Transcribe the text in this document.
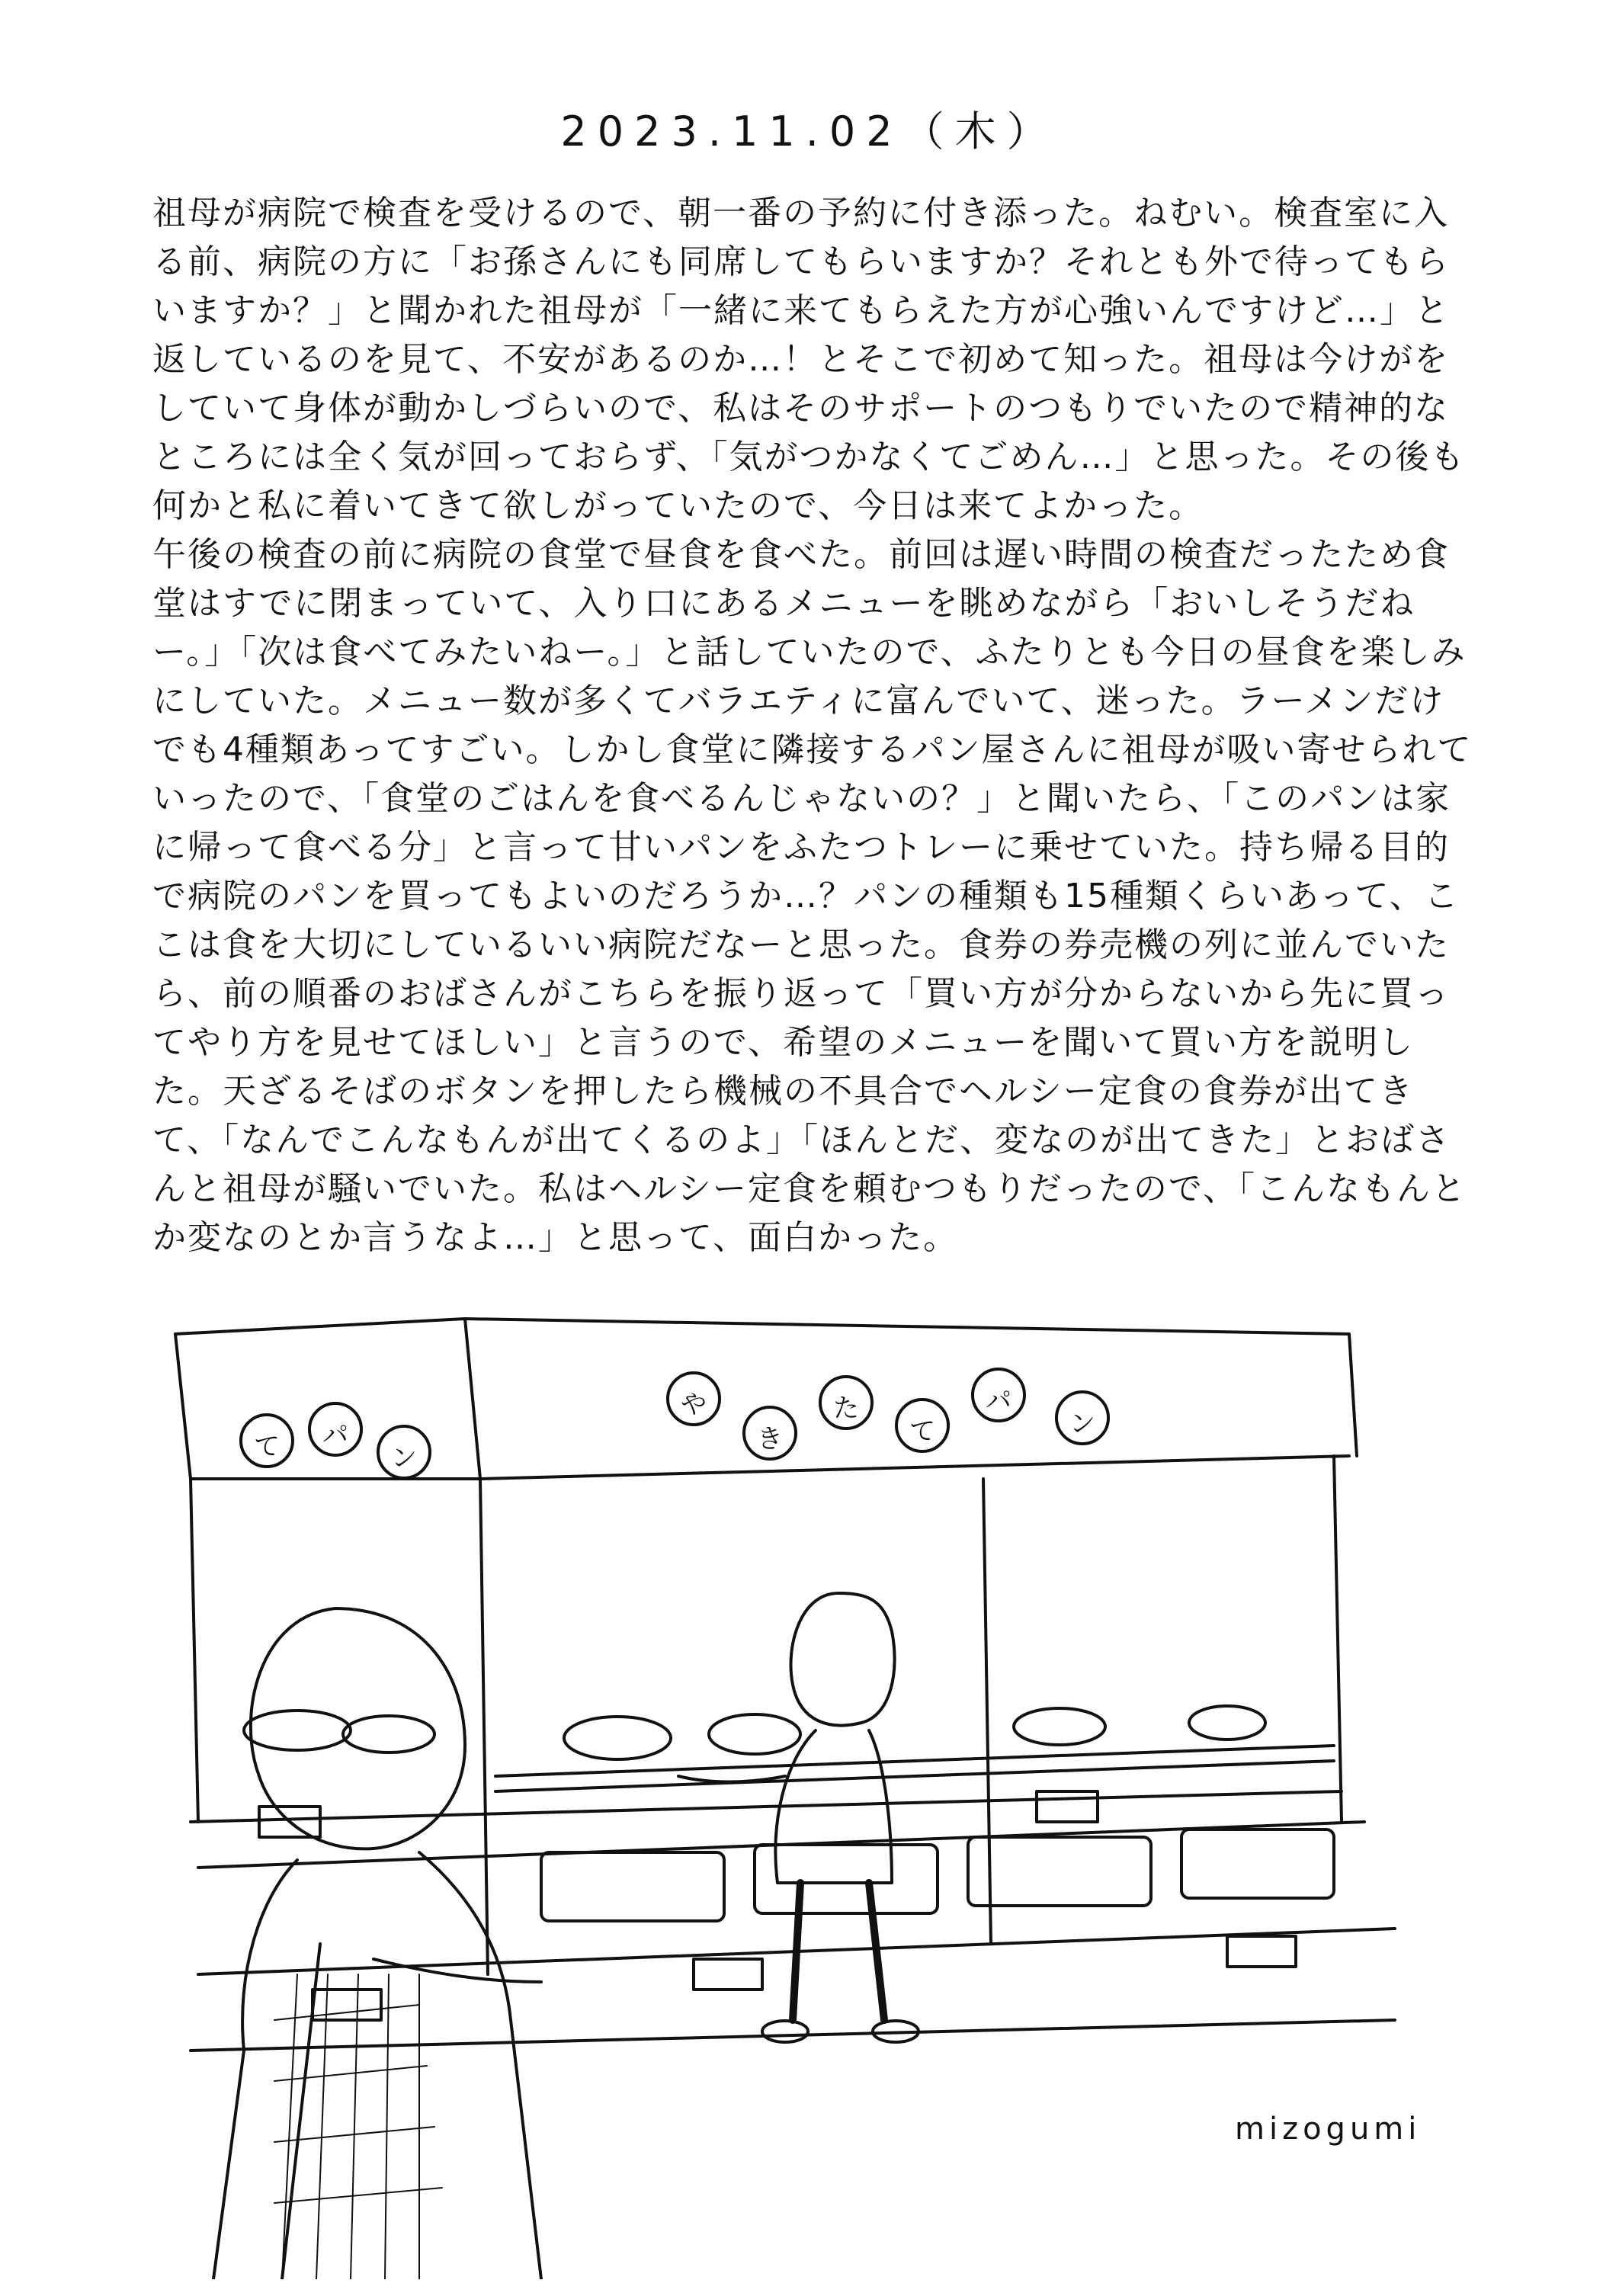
2023.11.02（木）

祖母が病院で検査を受けるので、朝一番の予約に付き添った。ねむい。検査室に入る前、病院の方に「お孫さんにも同席してもらいますか？それとも外で待ってもらいますか？」と聞かれた祖母が「一緒に来てもらえた方が心強いんですけど…」と返しているのを見て、不安があるのか…！とそこで初めて知った。祖母は今けがをしていて身体が動かしづらいので、私はそのサポートのつもりでいたので精神的なところには全く気が回っておらず、「気がつかなくてごめん…」と思った。その後も何かと私に着いてきて欲しがっていたので、今日は来てよかった。

午後の検査の前に病院の食堂で昼食を食べた。前回は遅い時間の検査だったため食堂はすでに閉まっていて、入り口にあるメニューを眺めながら「おいしそうだねー。」「次は食べてみたいねー。」と話していたので、ふたりとも今日の昼食を楽しみにしていた。メニュー数が多くてバラエティに富んでいて、迷った。ラーメンだけでも4種類あってすごい。しかし食堂に隣接するパン屋さんに祖母が吸い寄せられていったので、「食堂のごはんを食べるんじゃないの？」と聞いたら、「このパンは家に帰って食べる分」と言って甘いパンをふたつトレーに乗せていた。持ち帰る目的で病院のパンを買ってもよいのだろうか…？パンの種類も15種類くらいあって、ここは食を大切にしているいい病院だなーと思った。食券の券売機の列に並んでいたら、前の順番のおばさんがこちらを振り返って「買い方が分からないから先に買ってやり方を見せてほしい」と言うので、希望のメニューを聞いて買い方を説明した。天ざるそばのボタンを押したら機械の不具合でヘルシー定食の食券が出てきて、「なんでこんなもんが出てくるのよ」「ほんとだ、変なのが出てきた」とおばさんと祖母が騒いでいた。私はヘルシー定食を頼むつもりだったので、「こんなもんとか変なのとか言うなよ…」と思って、面白かった。

て パ
ン
や
き
た
て
パ
ン
mizogumi
